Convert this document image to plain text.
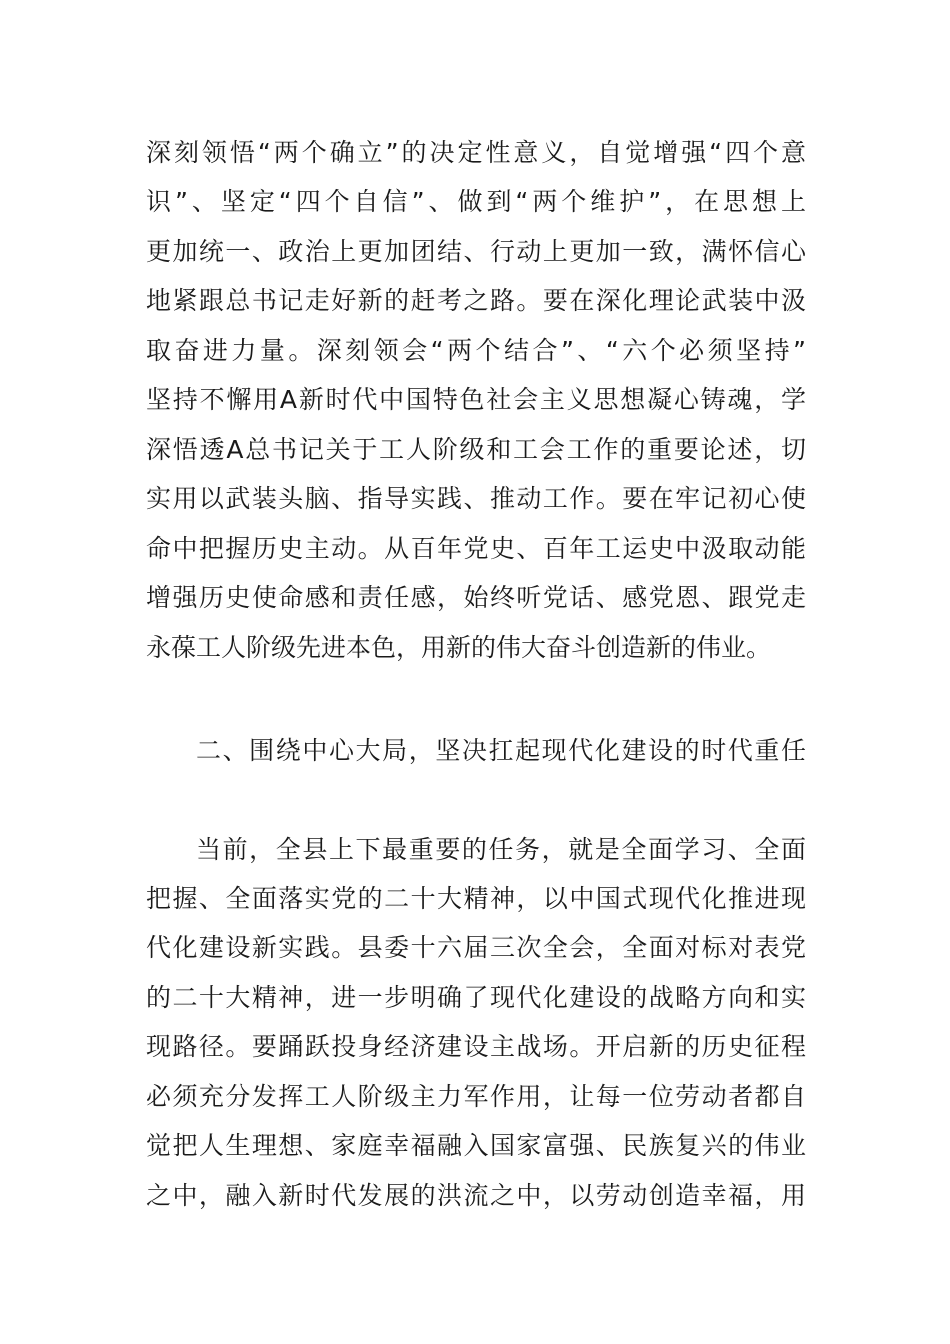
深刻领悟“两个确立”的决定性意义，自觉增强“四个意
识”、坚定“四个自信”、做到“两个维护”，在思想上
更加统一、政治上更加团结、行动上更加一致，满怀信心
地紧跟总书记走好新的赶考之路。要在深化理论武装中汲
取奋进力量。深刻领会“两个结合”、“六个必须坚持”
坚持不懈用A新时代中国特色社会主义思想凝心铸魂，学
深悟透A总书记关于工人阶级和工会工作的重要论述，切
实用以武装头脑、指导实践、推动工作。要在牢记初心使
命中把握历史主动。从百年党史、百年工运史中汲取动能
增强历史使命感和责任感，始终听党话、感党恩、跟党走
永葆工人阶级先进本色，用新的伟大奋斗创造新的伟业。
二、围绕中心大局，坚决扛起现代化建设的时代重任
当前，全县上下最重要的任务，就是全面学习、全面
把握、全面落实党的二十大精神，以中国式现代化推进现
代化建设新实践。县委十六届三次全会，全面对标对表党
的二十大精神，进一步明确了现代化建设的战略方向和实
现路径。要踊跃投身经济建设主战场。开启新的历史征程
必须充分发挥工人阶级主力军作用，让每一位劳动者都自
觉把人生理想、家庭幸福融入国家富强、民族复兴的伟业
之中，融入新时代发展的洪流之中，以劳动创造幸福，用
